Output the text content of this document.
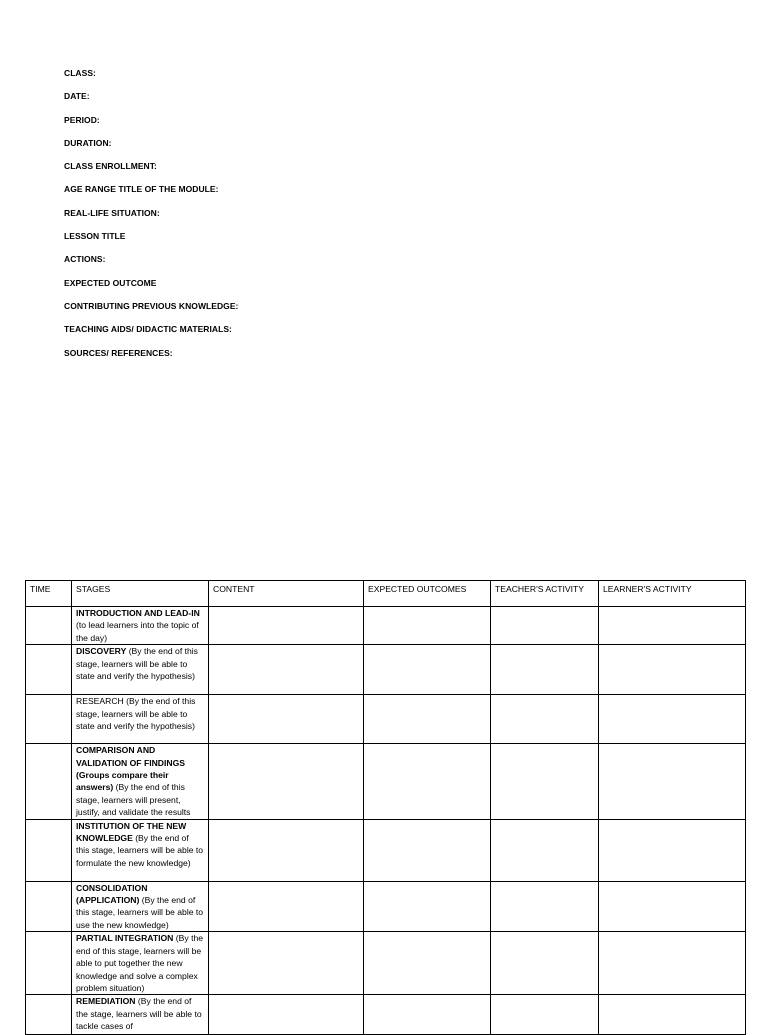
CLASS:
DATE:
PERIOD:
DURATION:
CLASS ENROLLMENT:
AGE RANGE TITLE OF THE MODULE:
REAL-LIFE SITUATION:
LESSON TITLE
ACTIONS:
EXPECTED OUTCOME
CONTRIBUTING PREVIOUS KNOWLEDGE:
TEACHING AIDS/ DIDACTIC MATERIALS:
SOURCES/ REFERENCES:
TIME	STAGES	CONTENT	EXPECTED OUTCOMES	TEACHER'S ACTIVITY	LEARNER'S ACTIVITY
	INTRODUCTION AND LEAD-IN (to lead learners into the topic of the day)				
	DISCOVERY (By the end of this stage, learners will be able to state and verify the hypothesis)				
	RESEARCH (By the end of this stage, learners will be able to state and verify the hypothesis)				
	COMPARISON AND VALIDATION OF FINDINGS (Groups compare their answers) (By the end of this stage, learners will present, justify, and validate the results				
	INSTITUTION OF THE NEW KNOWLEDGE (By the end of this stage, learners will be able to formulate the new knowledge)				
	CONSOLIDATION (APPLICATION) (By the end of this stage, learners will be able to use the new knowledge)				
	PARTIAL INTEGRATION (By the end of this stage, learners will be able to put together the new knowledge and solve a complex problem situation)				
	REMEDIATION (By the end of the stage, learners will be able to tackle cases of				
